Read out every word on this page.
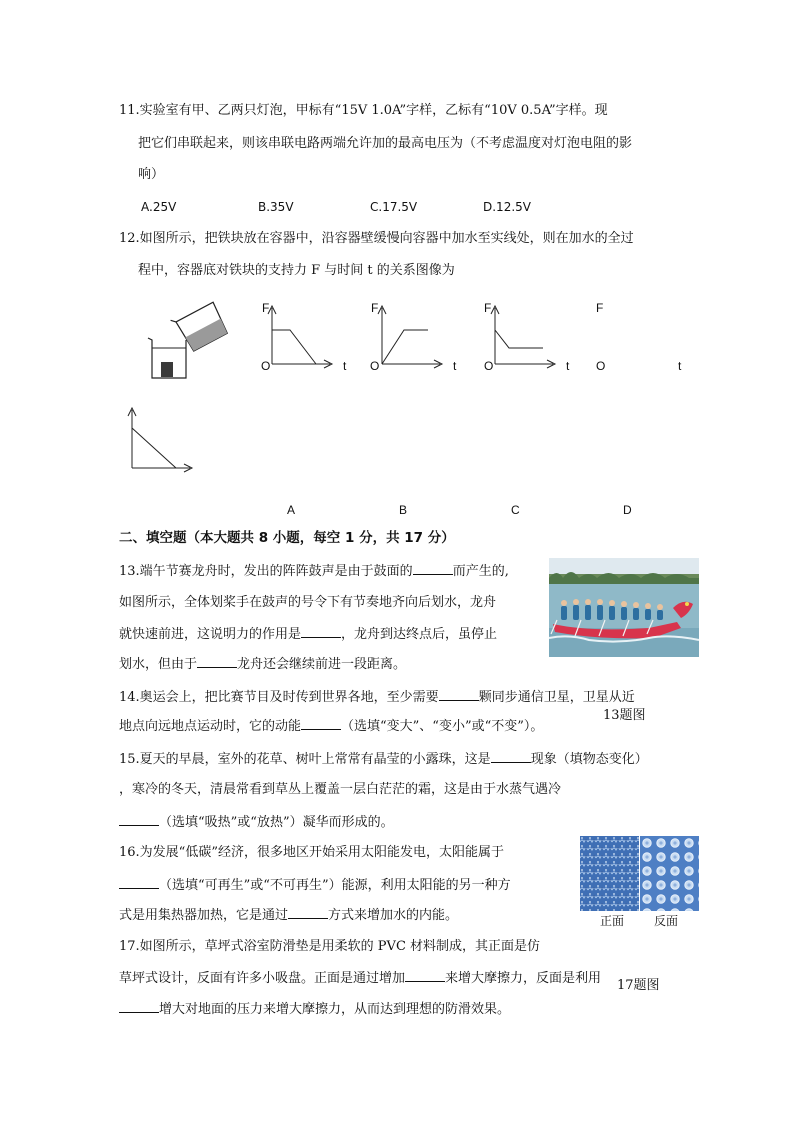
11.实验室有甲、乙两只灯泡，甲标有“15V 1.0A”字样，乙标有“10V 0.5A”字样。现
把它们串联起来，则该串联电路两端允许加的最高电压为（不考虑温度对灯泡电阻的影
响）
A.25V	B.35V	C.17.5V	D.12.5V
12.如图所示，把铁块放在容器中，沿容器壁缓慢向容器中加水至实线处，则在加水的全过
程中，容器底对铁块的支持力 F 与时间 t 的关系图像为
F
O	t
F
O	t
F
O	t
F
O	t
A	B	C	D
二、填空题（本大题共 8 小题，每空 1 分，共 17 分）
13.端午节赛龙舟时，发出的阵阵鼓声是由于鼓面的	而产生的,
如图所示，全体划桨手在鼓声的号令下有节奏地齐向后划水，龙舟
就快速前进，这说明力的作用是	，龙舟到达终点后，虽停止
划水，但由于	龙舟还会继续前进一段距离。
14.奥运会上，把比赛节目及时传到世界各地，至少需要	颗同步通信卫星，卫星从近
地点向远地点运动时，它的动能	（选填“变大”、“变小”或“不变”）。
13题图
15.夏天的早晨，室外的花草、树叶上常常有晶莹的小露珠，这是	现象（填物态变化）
，寒冷的冬天，清晨常看到草丛上覆盖一层白茫茫的霜，这是由于水蒸气遇冷
（选填“吸热”或“放热”）凝华而形成的。
16.为发展“低碳”经济，很多地区开始采用太阳能发电，太阳能属于
（选填“可再生”或“不可再生”）能源，利用太阳能的另一种方
式是用集热器加热，它是通过	方式来增加水的内能。	正面 反面
17.如图所示，草坪式浴室防滑垫是用柔软的 PVC 材料制成，其正面是仿
草坪式设计，反面有许多小吸盘。正面是通过增加	来增大摩擦力，反面是利用 17题图
增大对地面的压力来增大摩擦力，从而达到理想的防滑效果。
